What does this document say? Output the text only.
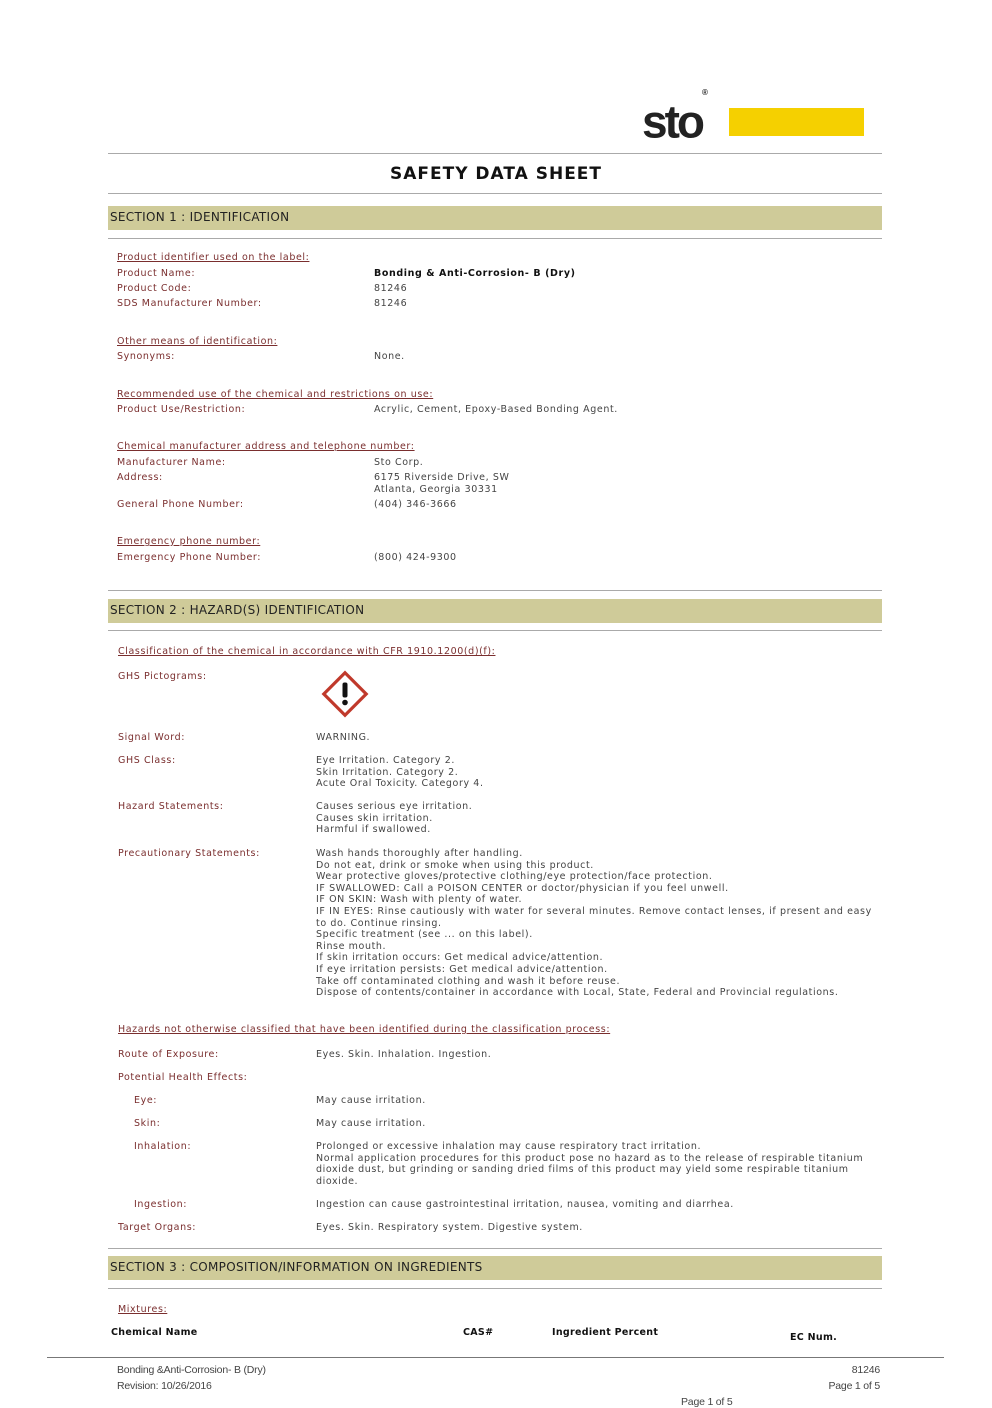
sto®
SAFETY DATA SHEET
SECTION 1 : IDENTIFICATION
Product identifier used on the label:
Product Name:	Bonding & Anti-Corrosion- B (Dry)
Product Code:	81246
SDS Manufacturer Number:	81246
Other means of identification:
Synonyms:	None.
Recommended use of the chemical and restrictions on use:
Product Use/Restriction:	Acrylic, Cement, Epoxy-Based Bonding Agent.
Chemical manufacturer address and telephone number:
Manufacturer Name:	Sto Corp.
Address:	6175 Riverside Drive, SW
Atlanta, Georgia 30331
General Phone Number:	(404) 346-3666
Emergency phone number:
Emergency Phone Number:	(800) 424-9300
SECTION 2 : HAZARD(S) IDENTIFICATION
Classification of the chemical in accordance with CFR 1910.1200(d)(f):
GHS Pictograms:
Signal Word:	WARNING.
GHS Class:	Eye Irritation. Category 2.
Skin Irritation. Category 2.
Acute Oral Toxicity. Category 4.
Hazard Statements:	Causes serious eye irritation.
Causes skin irritation.
Harmful if swallowed.
Precautionary Statements:	Wash hands thoroughly after handling.
Do not eat, drink or smoke when using this product.
Wear protective gloves/protective clothing/eye protection/face protection.
IF SWALLOWED: Call a POISON CENTER or doctor/physician if you feel unwell.
IF ON SKIN: Wash with plenty of water.
IF IN EYES: Rinse cautiously with water for several minutes. Remove contact lenses, if present and easy
to do. Continue rinsing.
Specific treatment (see ... on this label).
Rinse mouth.
If skin irritation occurs: Get medical advice/attention.
If eye irritation persists: Get medical advice/attention.
Take off contaminated clothing and wash it before reuse.
Dispose of contents/container in accordance with Local, State, Federal and Provincial regulations.
Hazards not otherwise classified that have been identified during the classification process:
Route of Exposure:	Eyes. Skin. Inhalation. Ingestion.
Potential Health Effects:
Eye:	May cause irritation.
Skin:	May cause irritation.
Inhalation:	Prolonged or excessive inhalation may cause respiratory tract irritation.
Normal application procedures for this product pose no hazard as to the release of respirable titanium
dioxide dust, but grinding or sanding dried films of this product may yield some respirable titanium
dioxide.
Ingestion:	Ingestion can cause gastrointestinal irritation, nausea, vomiting and diarrhea.
Target Organs:	Eyes. Skin. Respiratory system. Digestive system.
SECTION 3 : COMPOSITION/INFORMATION ON INGREDIENTS
Mixtures:
Chemical Name	CAS#	Ingredient Percent	EC Num.
Bonding &Anti-Corrosion- B (Dry)
Revision: 10/26/2016
81246
Page 1 of 5
Page 1 of 5
